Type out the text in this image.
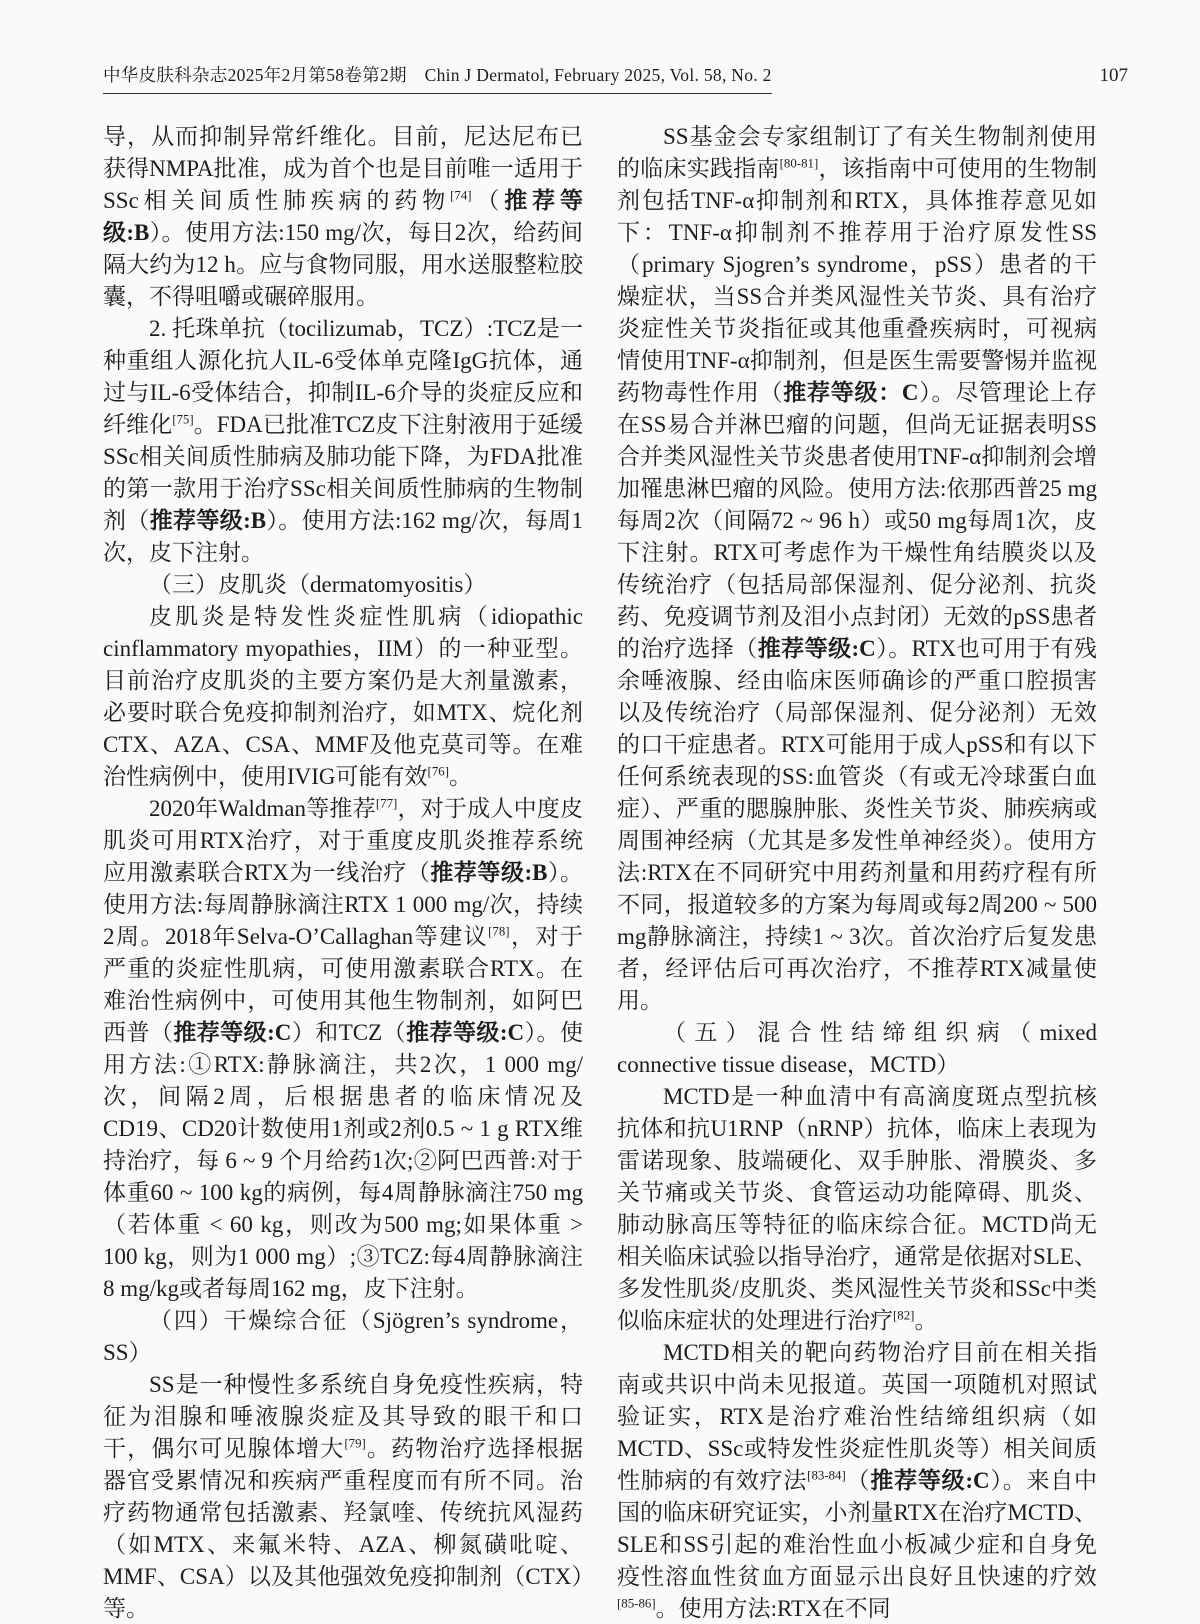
中华皮肤科杂志2025年2月第58卷第2期　Chin J Dermatol, February 2025, Vol. 58, No. 2	107

导，从而抑制异常纤维化。目前，尼达尼布已获得NMPA批准，成为首个也是目前唯一适用于SSc相关间质性肺疾病的药物[74]（推荐等级:B）。使用方法:150 mg/次，每日2次，给药间隔大约为12 h。应与食物同服，用水送服整粒胶囊，不得咀嚼或碾碎服用。

2. 托珠单抗（tocilizumab，TCZ）:TCZ是一种重组人源化抗人IL-6受体单克隆IgG抗体，通过与IL-6受体结合，抑制IL-6介导的炎症反应和纤维化[75]。FDA已批准TCZ皮下注射液用于延缓SSc相关间质性肺病及肺功能下降，为FDA批准的第一款用于治疗SSc相关间质性肺病的生物制剂（推荐等级:B）。使用方法:162 mg/次，每周1次，皮下注射。

（三）皮肌炎（dermatomyositis）

皮肌炎是特发性炎症性肌病（idiopathic cinflammatory myopathies，IIM）的一种亚型。目前治疗皮肌炎的主要方案仍是大剂量激素，必要时联合免疫抑制剂治疗，如MTX、烷化剂CTX、AZA、CSA、MMF及他克莫司等。在难治性病例中，使用IVIG可能有效[76]。

2020年Waldman等推荐[77]，对于成人中度皮肌炎可用RTX治疗，对于重度皮肌炎推荐系统应用激素联合RTX为一线治疗（推荐等级:B）。 使用方法:每周静脉滴注RTX 1 000 mg/次，持续2周。2018年Selva-O’Callaghan等建议[78]，对于严重的炎症性肌病，可使用激素联合RTX。在难治性病例中，可使用其他生物制剂，如阿巴西普（推荐等级:C）和TCZ（推荐等级:C）。使用方法:①RTX:静脉滴注，共2次，1 000 mg/次，间隔2周，后根据患者的临床情况及CD19、CD20计数使用1剂或2剂0.5 ~ 1 g RTX维持治疗，每 6 ~ 9 个月给药1次;②阿巴西普:对于体重60 ~ 100 kg的病例，每4周静脉滴注750 mg（若体重 < 60 kg，则改为500 mg;如果体重 > 100 kg，则为1 000 mg）;③TCZ:每4周静脉滴注8 mg/kg或者每周162 mg，皮下注射。

（四）干燥综合征（Sjögren’s syndrome，SS）

SS是一种慢性多系统自身免疫性疾病，特征为泪腺和唾液腺炎症及其导致的眼干和口干，偶尔可见腺体增大[79]。药物治疗选择根据器官受累情况和疾病严重程度而有所不同。治疗药物通常包括激素、羟氯喹、传统抗风湿药（如MTX、来氟米特、AZA、柳氮磺吡啶、MMF、CSA）以及其他强效免疫抑制剂（CTX）等。

SS基金会专家组制订了有关生物制剂使用的临床实践指南[80-81]，该指南中可使用的生物制剂包括TNF-α抑制剂和RTX，具体推荐意见如下：TNF-α抑制剂不推荐用于治疗原发性SS（primary Sjogren’s syndrome，pSS）患者的干燥症状，当SS合并类风湿性关节炎、具有治疗炎症性关节炎指征或其他重叠疾病时，可视病情使用TNF-α抑制剂，但是医生需要警惕并监视药物毒性作用（推荐等级：C）。尽管理论上存在SS易合并淋巴瘤的问题，但尚无证据表明SS合并类风湿性关节炎患者使用TNF-α抑制剂会增加罹患淋巴瘤的风险。使用方法:依那西普25 mg每周2次（间隔72 ~ 96 h）或50 mg每周1次，皮下注射。RTX可考虑作为干燥性角结膜炎以及传统治疗（包括局部保湿剂、促分泌剂、抗炎药、免疫调节剂及泪小点封闭）无效的pSS患者的治疗选择（推荐等级:C）。RTX也可用于有残余唾液腺、经由临床医师确诊的严重口腔损害以及传统治疗（局部保湿剂、促分泌剂）无效的口干症患者。RTX可能用于成人pSS和有以下任何系统表现的SS:血管炎（有或无冷球蛋白血症）、严重的腮腺肿胀、炎性关节炎、肺疾病或周围神经病（尤其是多发性单神经炎）。使用方法:RTX在不同研究中用药剂量和用药疗程有所不同，报道较多的方案为每周或每2周200 ~ 500 mg静脉滴注，持续1 ~ 3次。首次治疗后复发患者，经评估后可再次治疗，不推荐RTX减量使用。

（五）混合性结缔组织病（mixed connective tissue disease，MCTD）

MCTD是一种血清中有高滴度斑点型抗核抗体和抗U1RNP（nRNP）抗体，临床上表现为雷诺现象、肢端硬化、双手肿胀、滑膜炎、多关节痛或关节炎、食管运动功能障碍、肌炎、肺动脉高压等特征的临床综合征。MCTD尚无相关临床试验以指导治疗，通常是依据对SLE、多发性肌炎/皮肌炎、类风湿性关节炎和SSc中类似临床症状的处理进行治疗[82]。

MCTD相关的靶向药物治疗目前在相关指南或共识中尚未见报道。英国一项随机对照试验证实，RTX是治疗难治性结缔组织病（如MCTD、SSc或特发性炎症性肌炎等）相关间质性肺病的有效疗法[83-84]（推荐等级:C）。来自中国的临床研究证实，小剂量RTX在治疗MCTD、SLE和SS引起的难治性血小板减少症和自身免疫性溶血性贫血方面显示出良好且快速的疗效[85-86]。使用方法:RTX在不同
